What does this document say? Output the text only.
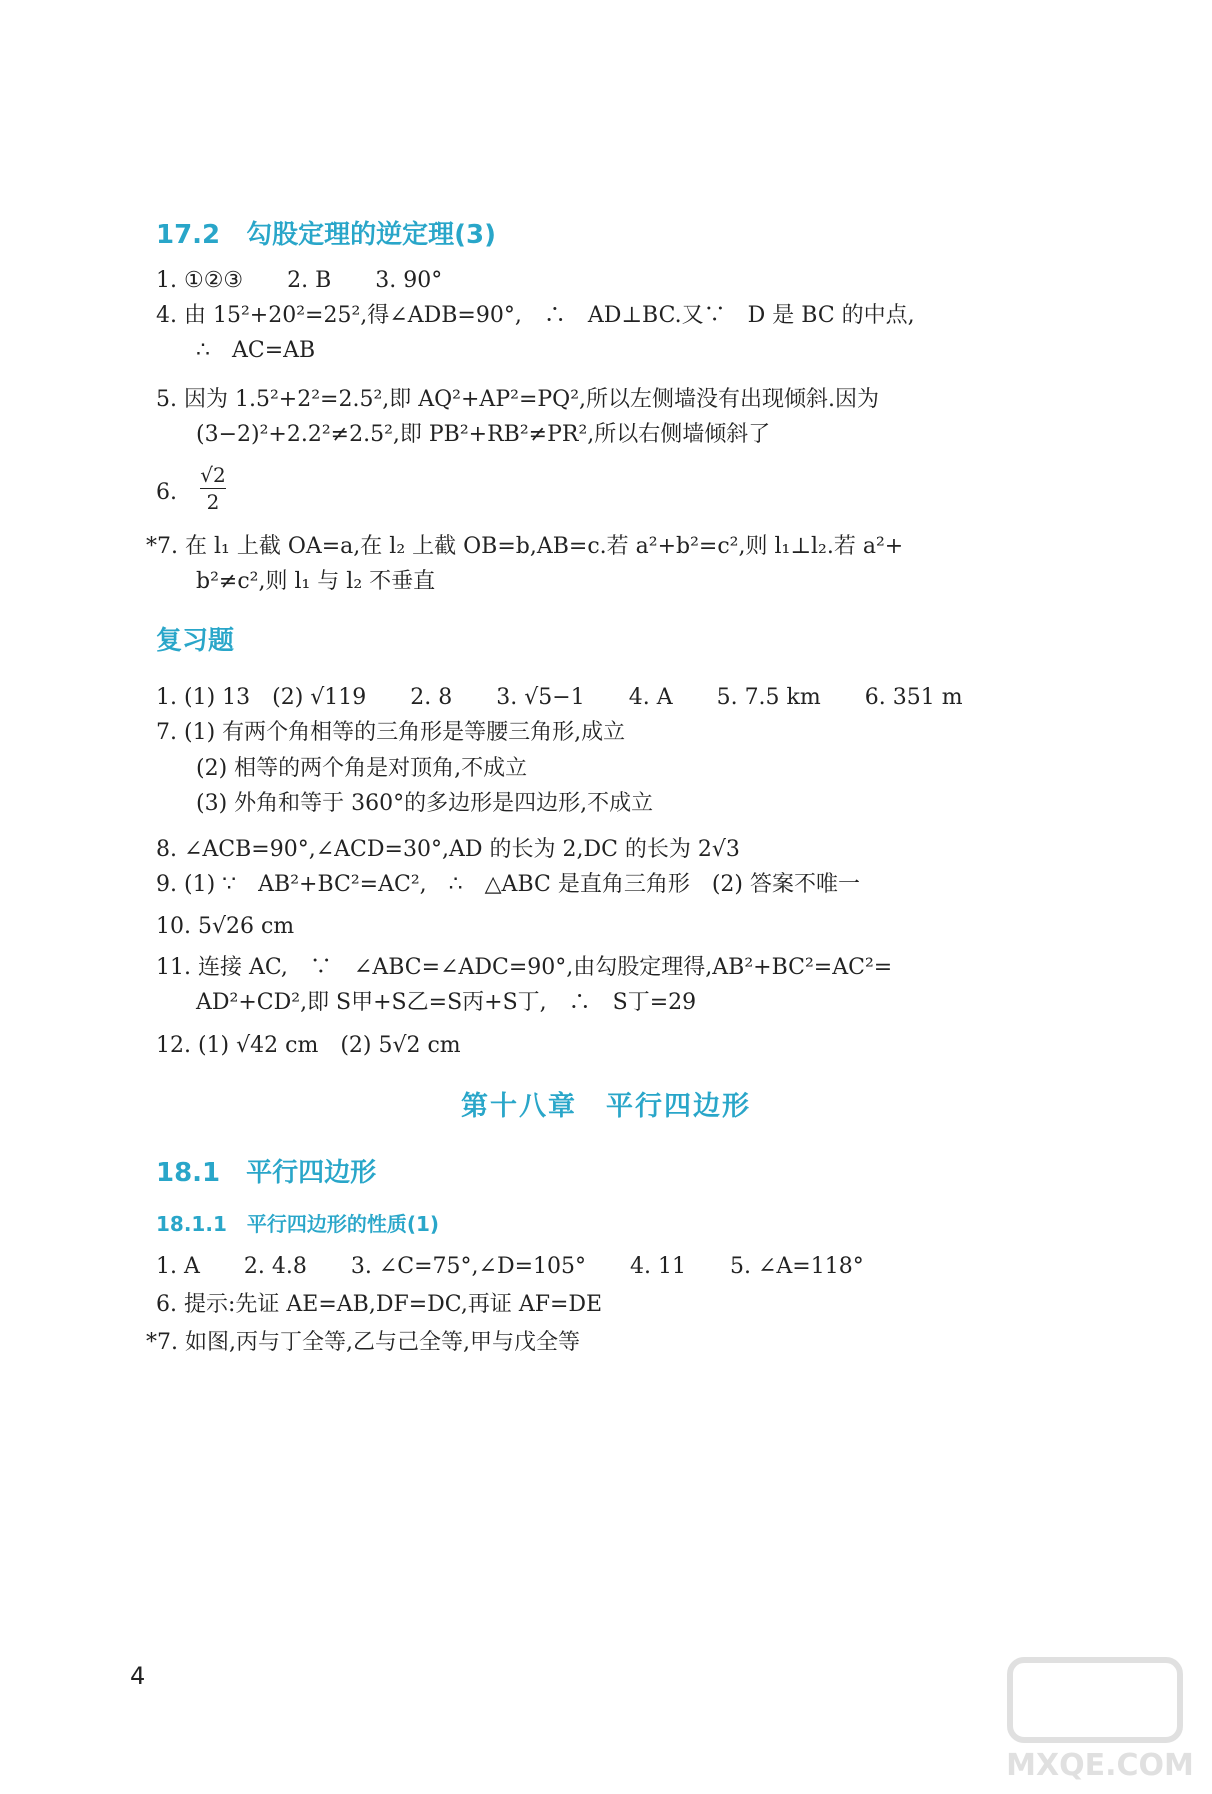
17.2　勾股定理的逆定理(3)
1. ①②③　　2. B　　3. 90°
4. 由 15²+20²=25²,得∠ADB=90°,　∴　AD⊥BC.又∵　D 是 BC 的中点,
∴　AC=AB
5. 因为 1.5²+2²=2.5²,即 AQ²+AP²=PQ²,所以左侧墙没有出现倾斜.因为
(3−2)²+2.2²≠2.5²,即 PB²+RB²≠PR²,所以右侧墙倾斜了
6.
√2
2
*7. 在 l₁ 上截 OA=a,在 l₂ 上截 OB=b,AB=c.若 a²+b²=c²,则 l₁⊥l₂.若 a²+
b²≠c²,则 l₁ 与 l₂ 不垂直
复习题
1. (1) 13　(2) √119　　2. 8　　3. √5−1　　4. A　　5. 7.5 km　　6. 351 m
7. (1) 有两个角相等的三角形是等腰三角形,成立
(2) 相等的两个角是对顶角,不成立
(3) 外角和等于 360°的多边形是四边形,不成立
8. ∠ACB=90°,∠ACD=30°,AD 的长为 2,DC 的长为 2√3
9. (1) ∵　AB²+BC²=AC²,　∴　△ABC 是直角三角形　(2) 答案不唯一
10. 5√26 cm
11. 连接 AC,　∵　∠ABC=∠ADC=90°,由勾股定理得,AB²+BC²=AC²=
AD²+CD²,即 S甲+S乙=S丙+S丁,　∴　S丁=29
12. (1) √42 cm　(2) 5√2 cm
第十八章　平行四边形
18.1　平行四边形
18.1.1　平行四边形的性质(1)
1. A　　2. 4.8　　3. ∠C=75°,∠D=105°　　4. 11　　5. ∠A=118°
6. 提示:先证 AE=AB,DF=DC,再证 AF=DE
*7. 如图,丙与丁全等,乙与己全等,甲与戊全等
4
MXQE.COM
